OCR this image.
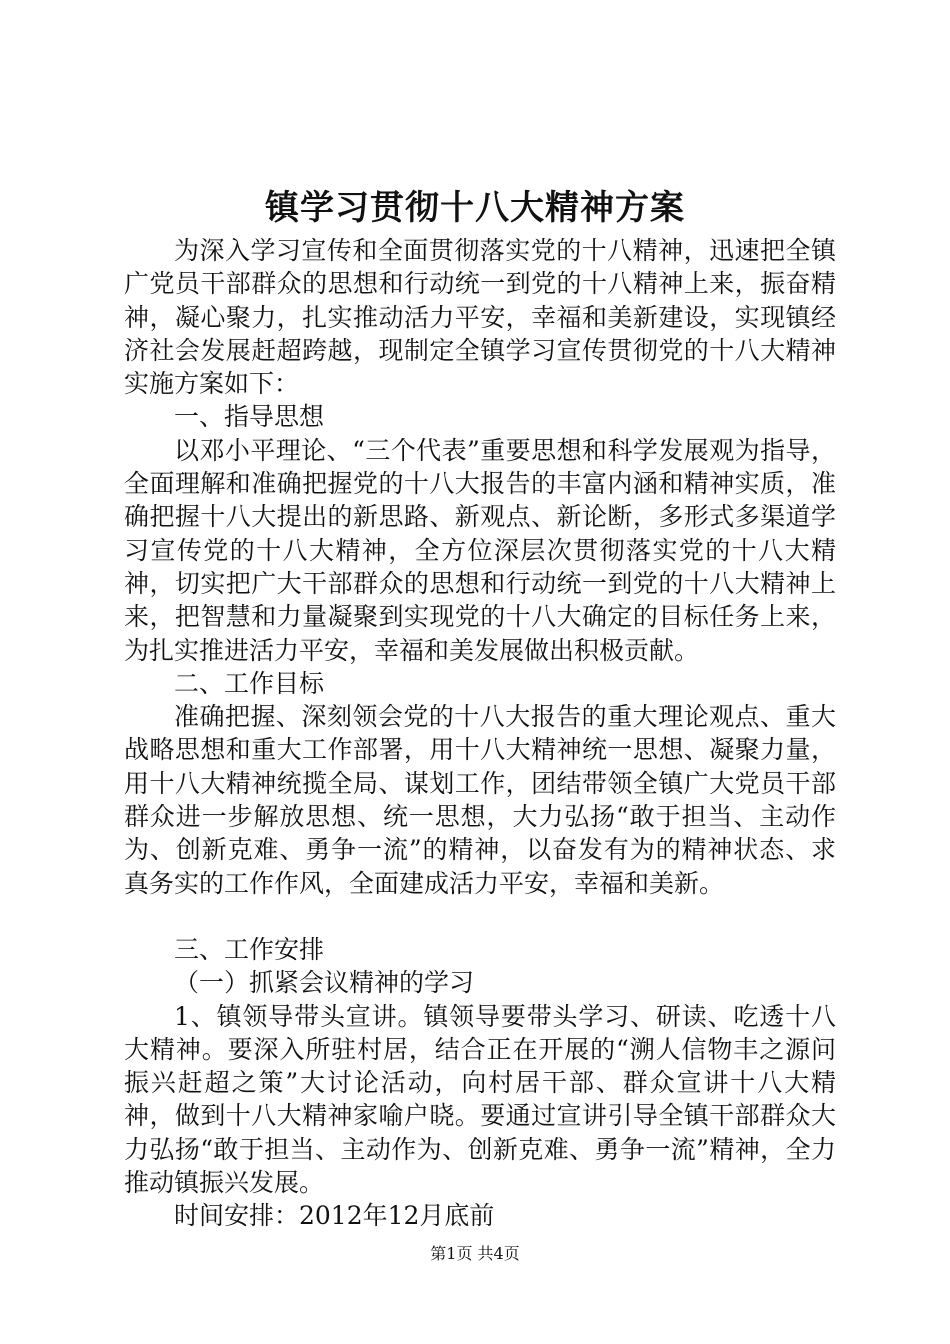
镇学习贯彻十八大精神方案

为深入学习宣传和全面贯彻落实党的十八精神，迅速把全镇广党员干部群众的思想和行动统一到党的十八精神上来，振奋精神，凝心聚力，扎实推动活力平安，幸福和美新建设，实现镇经济社会发展赶超跨越，现制定全镇学习宣传贯彻党的十八大精神实施方案如下：

一、指导思想

以邓小平理论、“三个代表”重要思想和科学发展观为指导，全面理解和准确把握党的十八大报告的丰富内涵和精神实质，准确把握十八大提出的新思路、新观点、新论断，多形式多渠道学习宣传党的十八大精神，全方位深层次贯彻落实党的十八大精神，切实把广大干部群众的思想和行动统一到党的十八大精神上来，把智慧和力量凝聚到实现党的十八大确定的目标任务上来，为扎实推进活力平安，幸福和美发展做出积极贡献。

二、工作目标

准确把握、深刻领会党的十八大报告的重大理论观点、重大战略思想和重大工作部署，用十八大精神统一思想、凝聚力量，用十八大精神统揽全局、谋划工作，团结带领全镇广大党员干部群众进一步解放思想、统一思想，大力弘扬“敢于担当、主动作为、创新克难、勇争一流”的精神，以奋发有为的精神状态、求真务实的工作作风，全面建成活力平安，幸福和美新。

三、工作安排

（一）抓紧会议精神的学习

1、镇领导带头宣讲。镇领导要带头学习、研读、吃透十八大精神。要深入所驻村居，结合正在开展的“溯人信物丰之源问振兴赶超之策”大讨论活动，向村居干部、群众宣讲十八大精神，做到十八大精神家喻户晓。要通过宣讲引导全镇干部群众大力弘扬“敢于担当、主动作为、创新克难、勇争一流”精神，全力推动镇振兴发展。

时间安排：2012年12月底前

第1页 共4页
